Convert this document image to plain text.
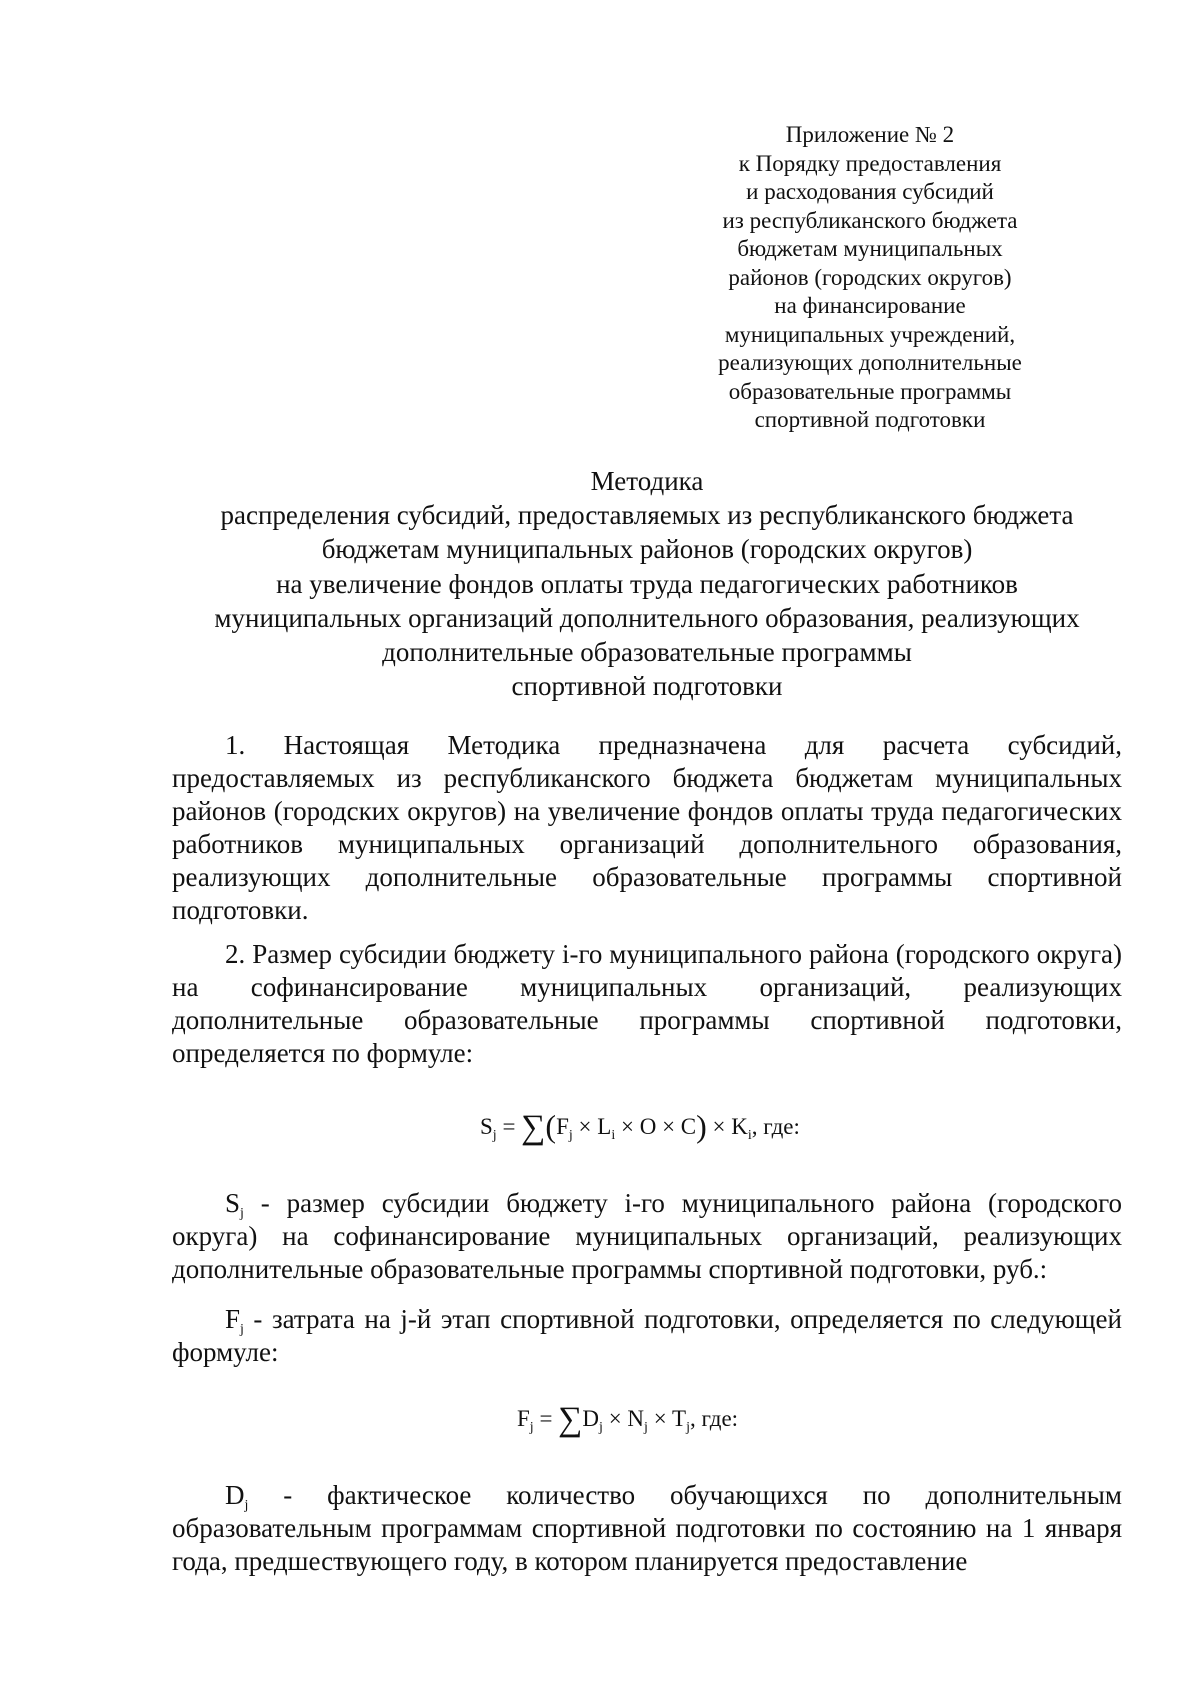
Приложение № 2
к Порядку предоставления
и расходования субсидий
из республиканского бюджета
бюджетам муниципальных
районов (городских округов)
на финансирование
муниципальных учреждений,
реализующих дополнительные
образовательные программы
спортивной подготовки
Методика
распределения субсидий, предоставляемых из республиканского бюджета
бюджетам муниципальных районов (городских округов)
на увеличение фондов оплаты труда педагогических работников
муниципальных организаций дополнительного образования, реализующих
дополнительные образовательные программы
спортивной подготовки

1. Настоящая Методика предназначена для расчета субсидий, предоставляемых из республиканского бюджета бюджетам муниципальных районов (городских округов) на увеличение фондов оплаты труда педагогических работников муниципальных организаций дополнительного образования, реализующих дополнительные образовательные программы спортивной подготовки.

2. Размер субсидии бюджету i-го муниципального района (городского округа) на софинансирование муниципальных организаций, реализующих дополнительные образовательные программы спортивной подготовки, определяется по формуле:

$S_j = \sum(F_j \times L_i \times O \times C) \times K_i$, где:

$S_j$ - размер субсидии бюджету i-го муниципального района (городского округа) на софинансирование муниципальных организаций, реализующих дополнительные образовательные программы спортивной подготовки, руб.:

$F_j$ - затрата на j-й этап спортивной подготовки, определяется по следующей формуле:

$F_j = \sum D_j \times N_j \times T_j$, где:

$D_j$ - фактическое количество обучающихся по дополнительным образовательным программам спортивной подготовки по состоянию на 1 января года, предшествующего году, в котором планируется предоставление
